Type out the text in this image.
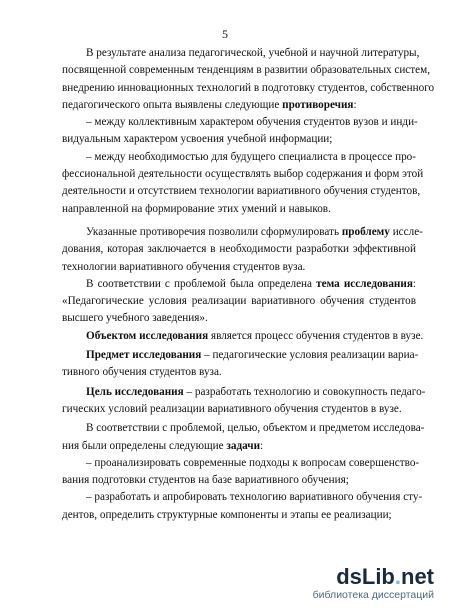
5
В результате анализа педагогической, учебной и научной литературы,
посвященной современным тенденциям в развитии образовательных систем,
внедрению инновационных технологий в подготовку студентов, собственного
педагогического опыта выявлены следующие противоречия:
– между коллективным характером обучения студентов вузов и инди-
видуальным характером усвоения учебной информации;
– между необходимостью для будущего специалиста в процессе про-
фессиональной деятельности осуществлять выбор содержания и форм этой
деятельности и отсутствием технологии вариативного обучения студентов,
направленной на формирование этих умений и навыков.
Указанные противоречия позволили сформулировать проблему иссле-
дования, которая заключается в необходимости разработки эффективной
технологии вариативного обучения студентов вуза.
В соответствии с проблемой была определена тема исследования:
«Педагогические условия реализации вариативного обучения студентов
высшего учебного заведения».
Объектом исследования является процесс обучения студентов в вузе.
Предмет исследования – педагогические условия реализации вариа-
тивного обучения студентов вуза.
Цель исследования – разработать технологию и совокупность педаго-
гических условий реализации вариативного обучения студентов в вузе.
В соответствии с проблемой, целью, объектом и предметом исследова-
ния были определены следующие задачи:
– проанализировать современные подходы к вопросам совершенство-
вания подготовки студентов на базе вариативного обучения;
– разработать и апробировать технологию вариативного обучения сту-
дентов, определить структурные компоненты и этапы ее реализации;
dsLib.net
библиотека диссертаций
